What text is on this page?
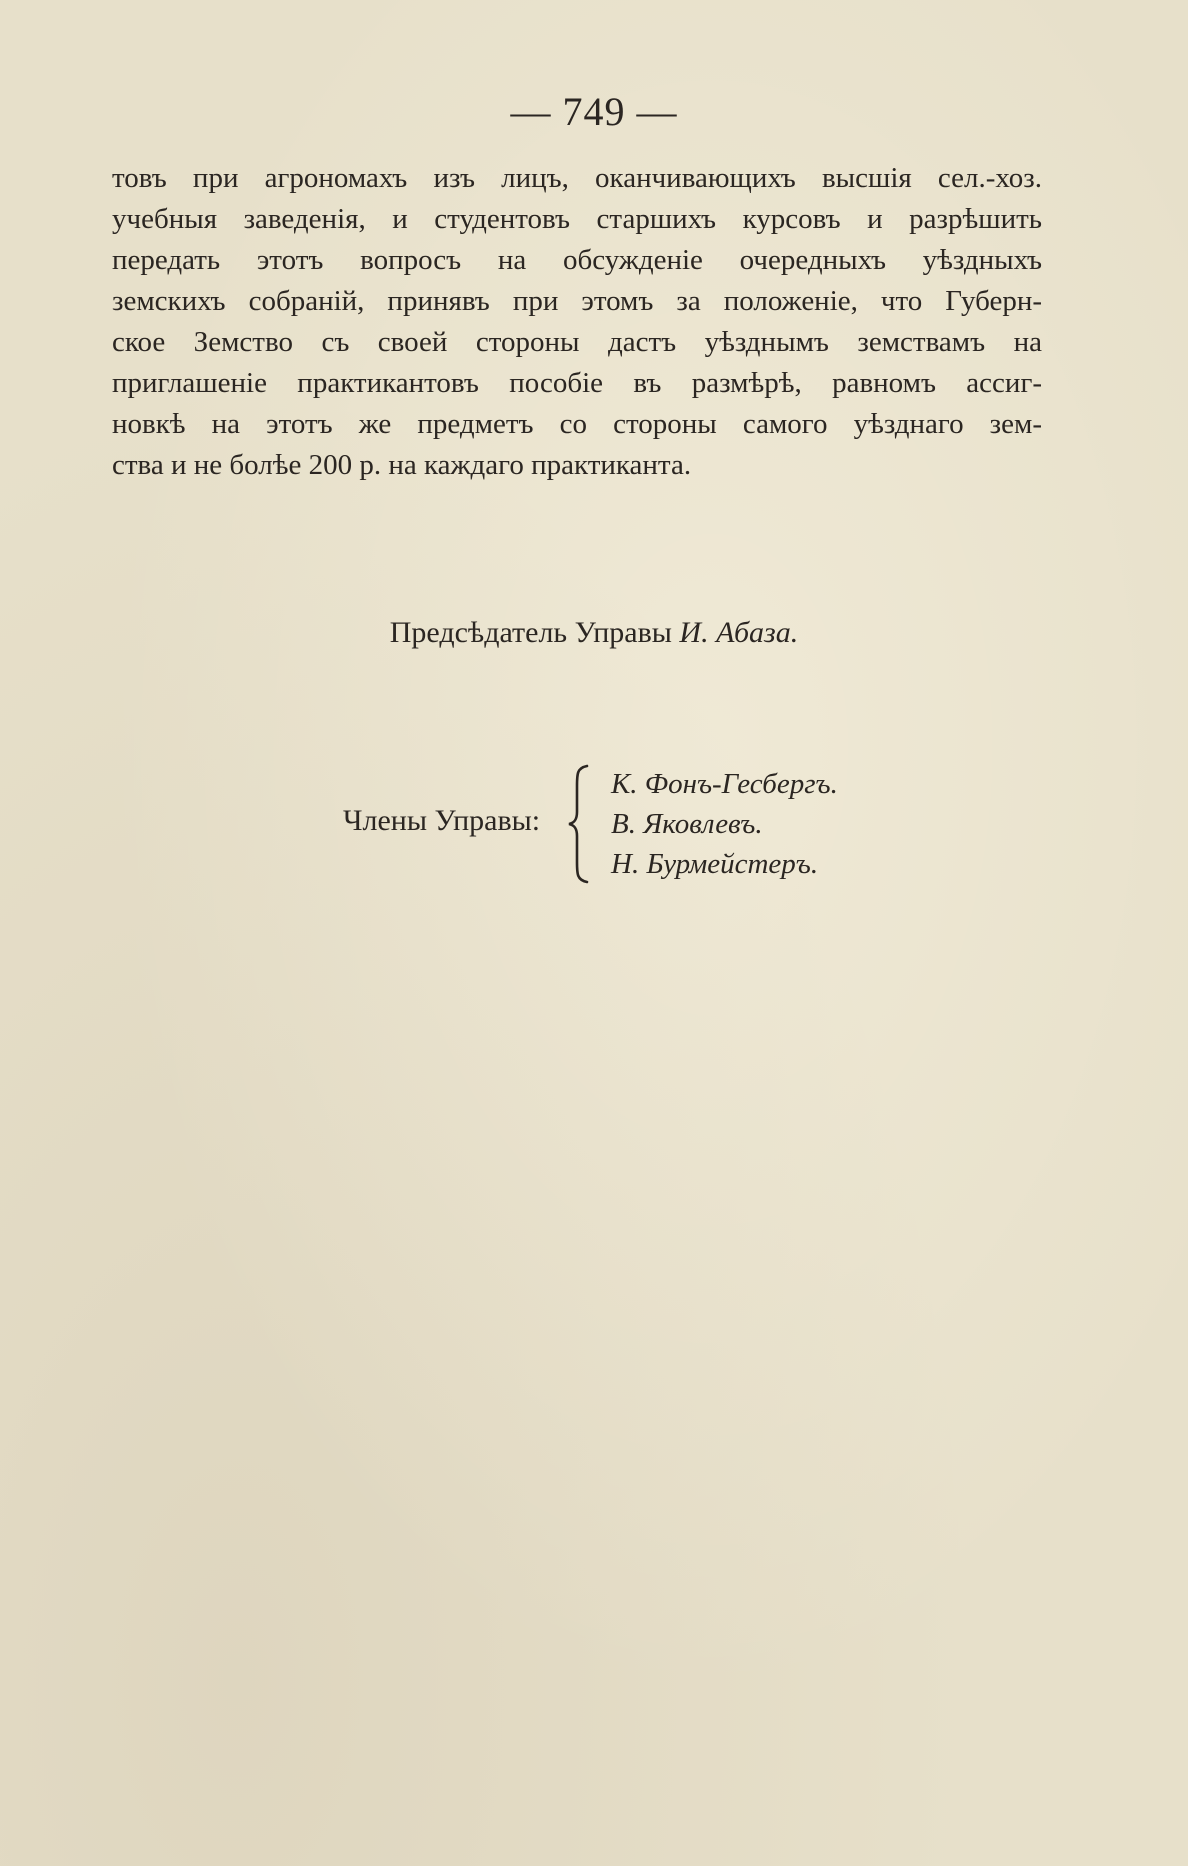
— 749 —
товъ при агрономахъ изъ лицъ, оканчивающихъ высшія сел.-хоз.
учебныя заведенія, и студентовъ старшихъ курсовъ и разрѣшить
передать этотъ вопросъ на обсужденіе очередныхъ уѣздныхъ
земскихъ собраній, принявъ при этомъ за положеніе, что Губерн-
ское Земство съ своей стороны дастъ уѣзднымъ земствамъ на
приглашеніе практикантовъ пособіе въ размѣрѣ, равномъ ассиг-
новкѣ на этотъ же предметъ со стороны самого уѣзднаго зем-
ства и не болѣе 200 р. на каждаго практиканта.
Предсѣдатель Управы И. Абаза.
Члены Управы:
К. Фонъ-Гесбергъ.
В. Яковлевъ.
Н. Бурмейстеръ.
